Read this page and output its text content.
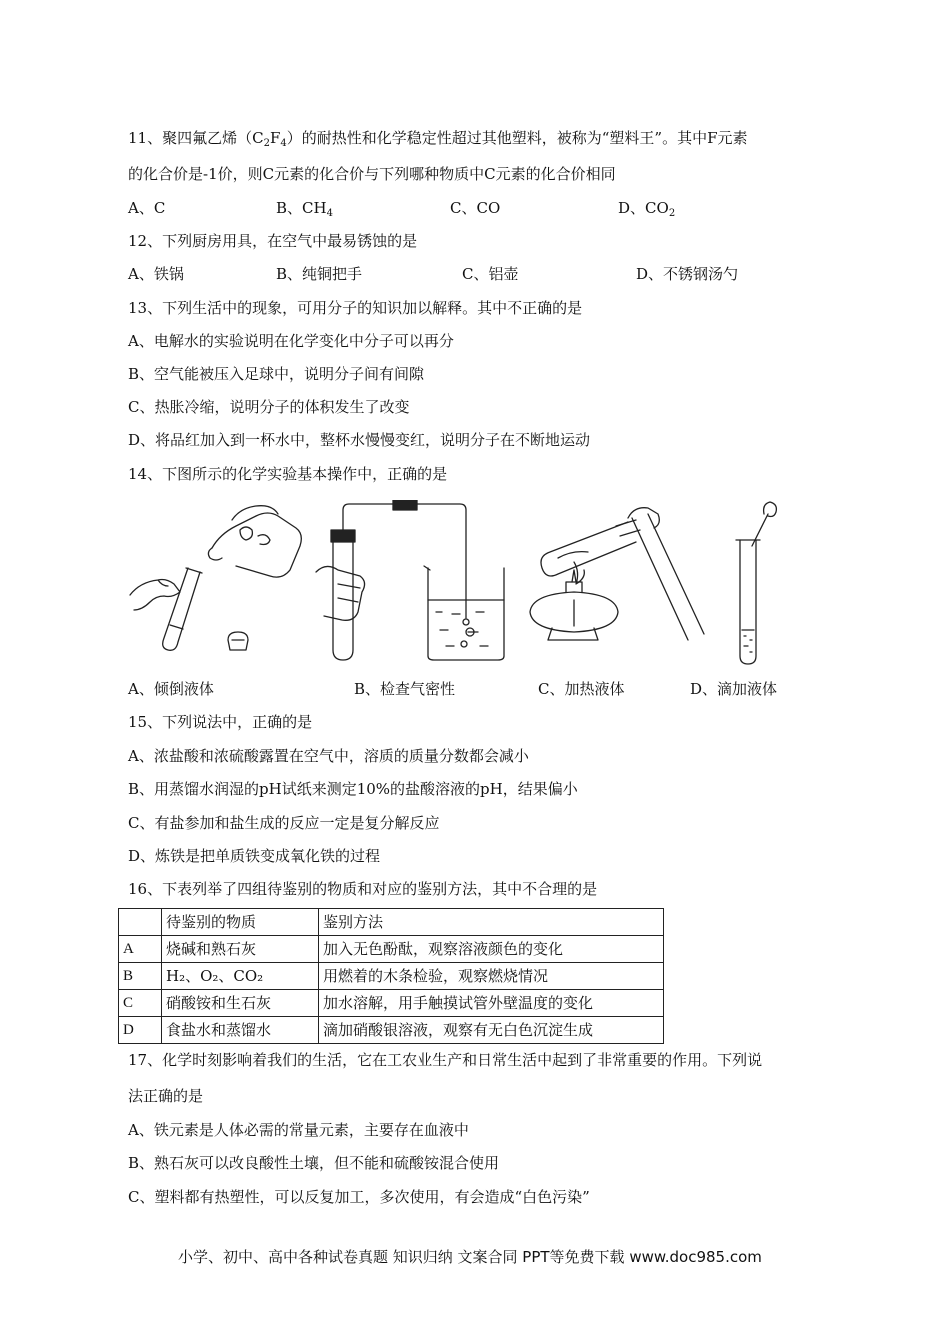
11、聚四氟乙烯$(C_2F_4)$的耐热性和化学稳定性超过其他塑料，被称为“塑料王”。其中F元素
的化合价是-1价，则C元素的化合价与下列哪种物质中C元素的化合价相同
A、C	B、$CH_4$	C、CO	D、$CO_2$
12、下列厨房用具，在空气中最易锈蚀的是
A、铁锅	B、纯铜把手	C、铝壶	D、不锈钢汤勺
13、下列生活中的现象，可用分子的知识加以解释。其中不正确的是
A、电解水的实验说明在化学变化中分子可以再分
B、空气能被压入足球中，说明分子间有间隙
C、热胀冷缩，说明分子的体积发生了改变
D、将品红加入到一杯水中，整杯水慢慢变红，说明分子在不断地运动
14、下图所示的化学实验基本操作中，正确的是
A、倾倒液体	B、检查气密性	C、加热液体	D、滴加液体
15、下列说法中，正确的是
A、浓盐酸和浓硫酸露置在空气中，溶质的质量分数都会减小
B、用蒸馏水润湿的pH试纸来测定10%的盐酸溶液的pH，结果偏小
C、有盐参加和盐生成的反应一定是复分解反应
D、炼铁是把单质铁变成氧化铁的过程
16、下表列举了四组待鉴别的物质和对应的鉴别方法，其中不合理的是
	待鉴别的物质	鉴别方法
A	烧碱和熟石灰	加入无色酚酞，观察溶液颜色的变化
B	H₂、O₂、CO₂	用燃着的木条检验，观察燃烧情况
C	硝酸铵和生石灰	加水溶解，用手触摸试管外壁温度的变化
D	食盐水和蒸馏水	滴加硝酸银溶液，观察有无白色沉淀生成
17、化学时刻影响着我们的生活，它在工农业生产和日常生活中起到了非常重要的作用。下列说
法正确的是
A、铁元素是人体必需的常量元素，主要存在血液中
B、熟石灰可以改良酸性土壤，但不能和硫酸铵混合使用
C、塑料都有热塑性，可以反复加工，多次使用，有会造成“白色污染”
小学、初中、高中各种试卷真题 知识归纳 文案合同 PPT等免费下载 www.doc985.com
